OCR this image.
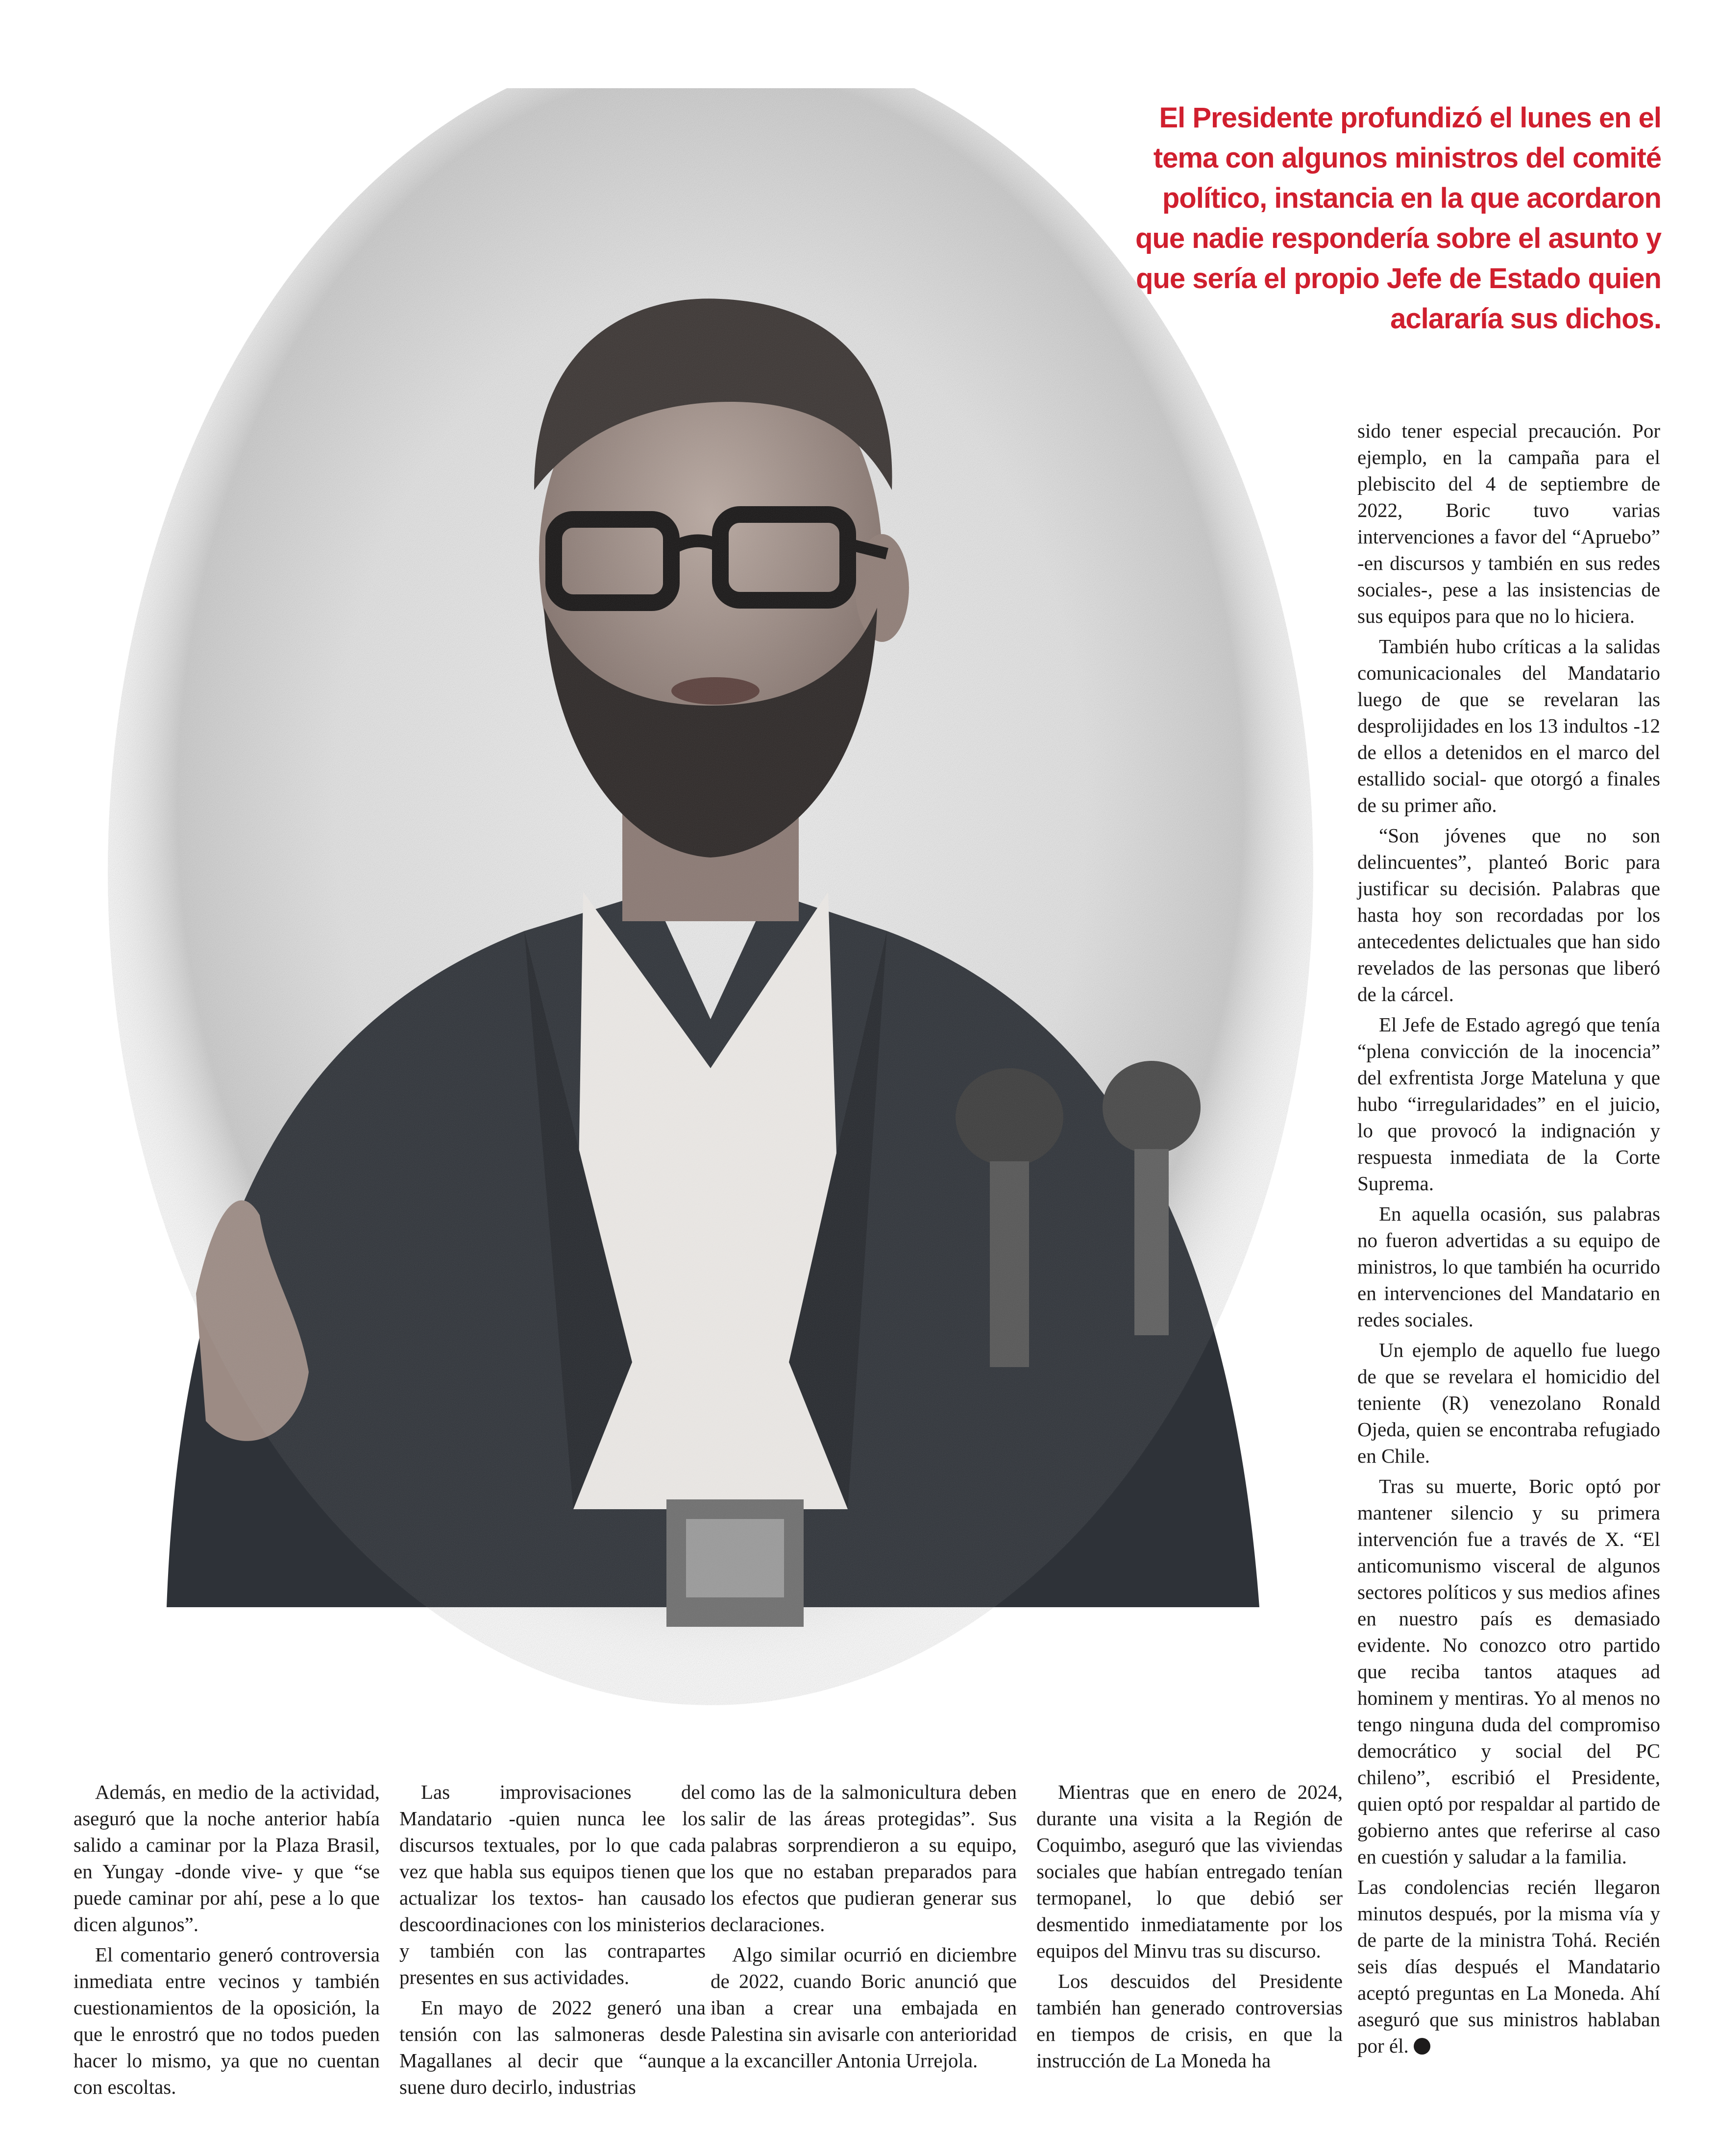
El Presidente profundizó el lunes en el tema con algunos ministros del comité político, instancia en la que acordaron que nadie respondería sobre el asunto y que sería el propio Jefe de Estado quien aclararía sus dichos.

sido tener especial precaución. Por ejemplo, en la campaña para el plebiscito del 4 de septiembre de 2022, Boric tuvo varias intervenciones a favor del “Apruebo” -en discursos y también en sus redes sociales-, pese a las insistencias de sus equipos para que no lo hiciera.

También hubo críticas a la salidas comunicacionales del Mandatario luego de que se revelaran las desprolijidades en los 13 indultos -12 de ellos a detenidos en el marco del estallido social- que otorgó a finales de su primer año.

“Son jóvenes que no son delincuentes”, planteó Boric para justificar su decisión. Palabras que hasta hoy son recordadas por los antecedentes delictuales que han sido revelados de las personas que liberó de la cárcel.

El Jefe de Estado agregó que tenía “plena convicción de la inocencia” del exfrentista Jorge Mateluna y que hubo “irregularidades” en el juicio, lo que provocó la indignación y respuesta inmediata de la Corte Suprema.

En aquella ocasión, sus palabras no fueron advertidas a su equipo de ministros, lo que también ha ocurrido en intervenciones del Mandatario en redes sociales.

Un ejemplo de aquello fue luego de que se revelara el homicidio del teniente (R) venezolano Ronald Ojeda, quien se encontraba refugiado en Chile.

Tras su muerte, Boric optó por mantener silencio y su primera intervención fue a través de X. “El anticomunismo visceral de algunos sectores políticos y sus medios afines en nuestro país es demasiado evidente. No conozco otro partido que reciba tantos ataques ad hominem y mentiras. Yo al menos no tengo ninguna duda del compromiso democrático y social del PC chileno”, escribió el Presidente, quien optó por respaldar al partido de gobierno antes que referirse al caso en cuestión y saludar a la familia.

Las condolencias recién llegaron minutos después, por la misma vía y de parte de la ministra Tohá. Recién seis días después el Mandatario aceptó preguntas en La Moneda. Ahí aseguró que sus ministros hablaban por él.

Además, en medio de la actividad, aseguró que la noche anterior había salido a caminar por la Plaza Brasil, en Yungay -donde vive- y que “se puede caminar por ahí, pese a lo que dicen algunos”.

El comentario generó controversia inmediata entre vecinos y también cuestionamientos de la oposición, la que le enrostró que no todos pueden hacer lo mismo, ya que no cuentan con escoltas.

Las improvisaciones del Mandatario -quien nunca lee los discursos textuales, por lo que cada vez que habla sus equipos tienen que actualizar los textos- han causado descoordinaciones con los ministerios y también con las contrapartes presentes en sus actividades.

En mayo de 2022 generó una tensión con las salmoneras desde Magallanes al decir que “aunque suene duro decirlo, industrias

como las de la salmonicultura deben salir de las áreas protegidas”. Sus palabras sorprendieron a su equipo, los que no estaban preparados para los efectos que pudieran generar sus declaraciones.

Algo similar ocurrió en diciembre de 2022, cuando Boric anunció que iban a crear una embajada en Palestina sin avisarle con anterioridad a la excanciller Antonia Urrejola.

Mientras que en enero de 2024, durante una visita a la Región de Coquimbo, aseguró que las viviendas sociales que habían entregado tenían termopanel, lo que debió ser desmentido inmediatamente por los equipos del Minvu tras su discurso.

Los descuidos del Presidente también han generado controversias en tiempos de crisis, en que la instrucción de La Moneda ha
